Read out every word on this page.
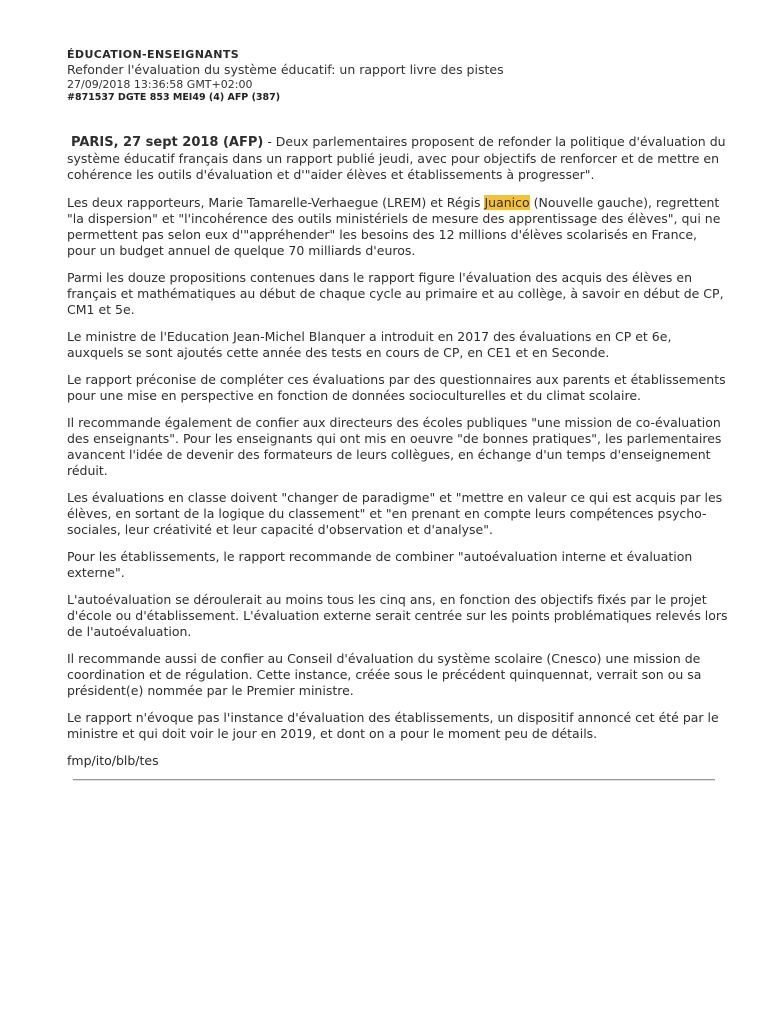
ÉDUCATION-ENSEIGNANTS
Refonder l'évaluation du système éducatif: un rapport livre des pistes
27/09/2018 13:36:58 GMT+02:00
#871537 DGTE 853 MEI49 (4) AFP (387)

PARIS, 27 sept 2018 (AFP) - Deux parlementaires proposent de refonder la politique d'évaluation du système éducatif français dans un rapport publié jeudi, avec pour objectifs de renforcer et de mettre en cohérence les outils d'évaluation et d'"aider élèves et établissements à progresser".

Les deux rapporteurs, Marie Tamarelle-Verhaegue (LREM) et Régis Juanico (Nouvelle gauche), regrettent "la dispersion" et "l'incohérence des outils ministériels de mesure des apprentissage des élèves", qui ne permettent pas selon eux d'"appréhender" les besoins des 12 millions d'élèves scolarisés en France, pour un budget annuel de quelque 70 milliards d'euros.

Parmi les douze propositions contenues dans le rapport figure l'évaluation des acquis des élèves en français et mathématiques au début de chaque cycle au primaire et au collège, à savoir en début de CP, CM1 et 5e.

Le ministre de l'Education Jean-Michel Blanquer a introduit en 2017 des évaluations en CP et 6e, auxquels se sont ajoutés cette année des tests en cours de CP, en CE1 et en Seconde.

Le rapport préconise de compléter ces évaluations par des questionnaires aux parents et établissements pour une mise en perspective en fonction de données socioculturelles et du climat scolaire.

Il recommande également de confier aux directeurs des écoles publiques "une mission de co-évaluation des enseignants". Pour les enseignants qui ont mis en oeuvre "de bonnes pratiques", les parlementaires avancent l'idée de devenir des formateurs de leurs collègues, en échange d'un temps d'enseignement réduit.

Les évaluations en classe doivent "changer de paradigme" et "mettre en valeur ce qui est acquis par les élèves, en sortant de la logique du classement" et "en prenant en compte leurs compétences psycho-sociales, leur créativité et leur capacité d'observation et d'analyse".

Pour les établissements, le rapport recommande de combiner "autoévaluation interne et évaluation externe".

L'autoévaluation se déroulerait au moins tous les cinq ans, en fonction des objectifs fixés par le projet d'école ou d'établissement. L'évaluation externe serait centrée sur les points problématiques relevés lors de l'autoévaluation.

Il recommande aussi de confier au Conseil d'évaluation du système scolaire (Cnesco) une mission de coordination et de régulation. Cette instance, créée sous le précédent quinquennat, verrait son ou sa président(e) nommée par le Premier ministre.

Le rapport n'évoque pas l'instance d'évaluation des établissements, un dispositif annoncé cet été par le ministre et qui doit voir le jour en 2019, et dont on a pour le moment peu de détails.

fmp/ito/blb/tes
